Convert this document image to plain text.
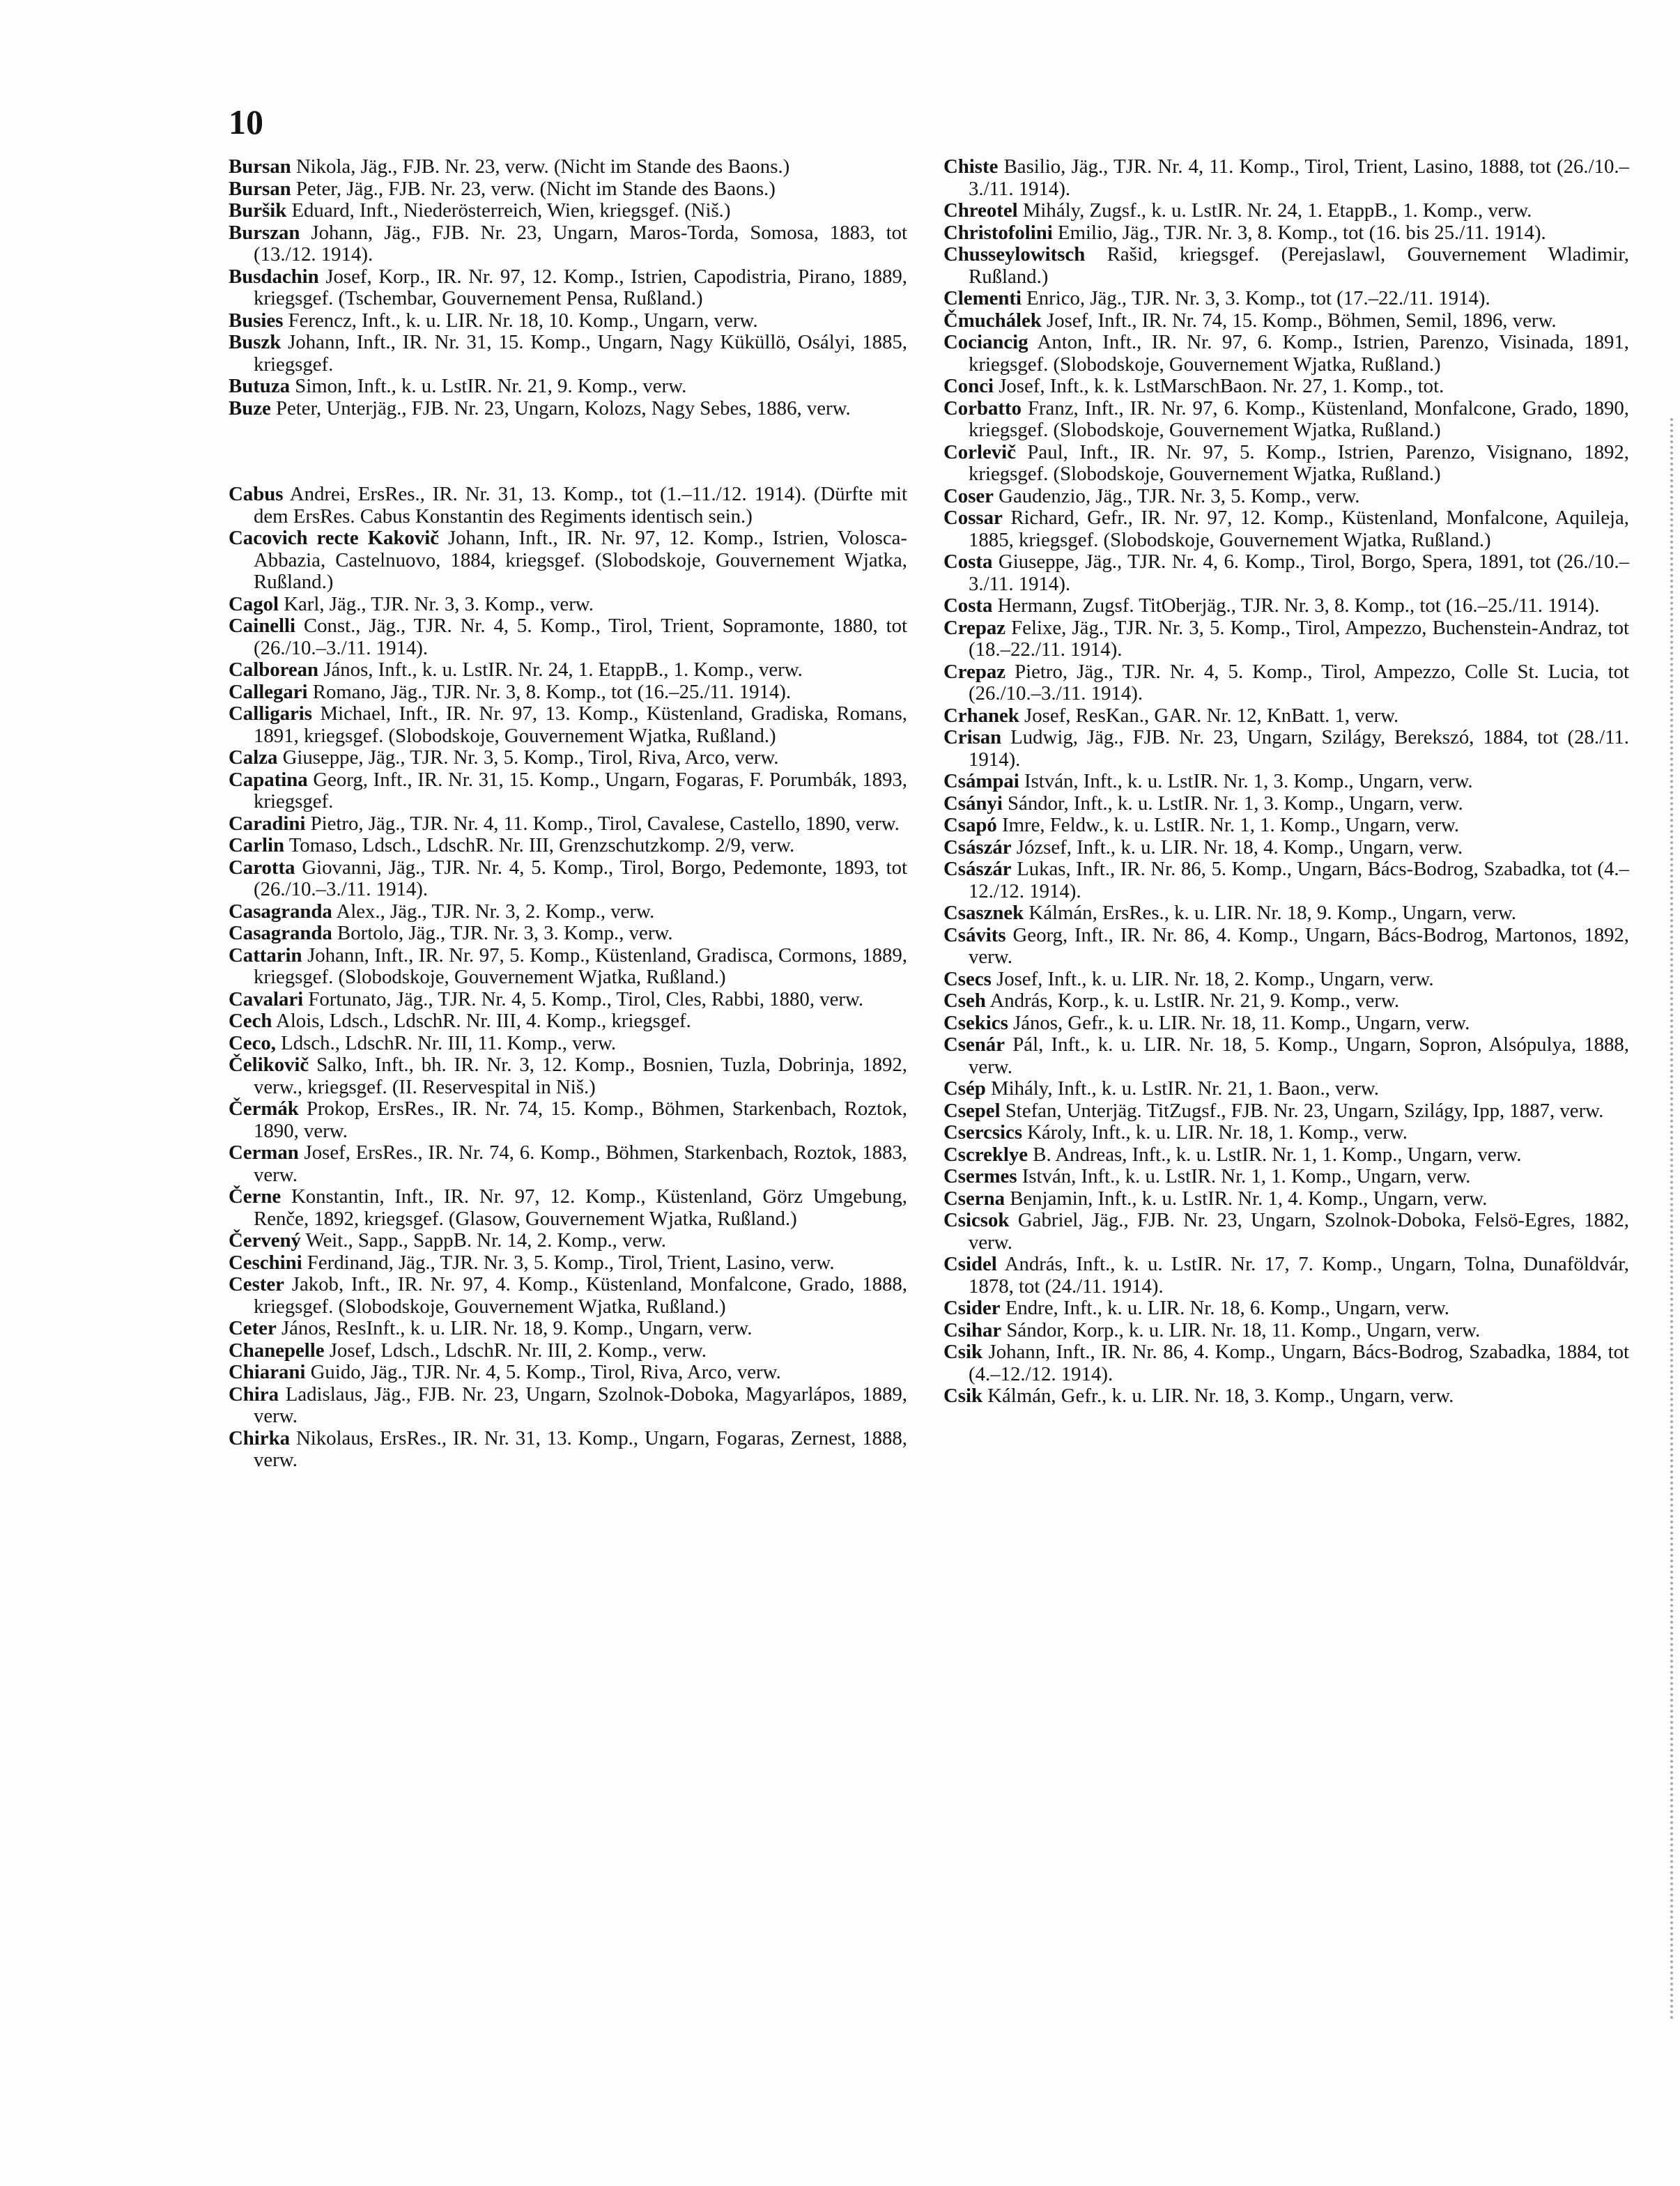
10

Bursan Nikola, Jäg., FJB. Nr. 23, verw. (Nicht im Stande des Baons.)

Bursan Peter, Jäg., FJB. Nr. 23, verw. (Nicht im Stande des Baons.)

Buršik Eduard, Inft., Niederösterreich, Wien, kriegsgef. (Niš.)

Burszan Johann, Jäg., FJB. Nr. 23, Ungarn, Maros-Torda, Somosa, 1883, tot (13./12. 1914).

Busdachin Josef, Korp., IR. Nr. 97, 12. Komp., Istrien, Capodistria, Pirano, 1889, kriegsgef. (Tschembar, Gouvernement Pensa, Rußland.)

Busies Ferencz, Inft., k. u. LIR. Nr. 18, 10. Komp., Ungarn, verw.

Buszk Johann, Inft., IR. Nr. 31, 15. Komp., Ungarn, Nagy Küküllö, Osályi, 1885, kriegsgef.

Butuza Simon, Inft., k. u. LstIR. Nr. 21, 9. Komp., verw.

Buze Peter, Unterjäg., FJB. Nr. 23, Ungarn, Kolozs, Nagy Sebes, 1886, verw.

Cabus Andrei, ErsRes., IR. Nr. 31, 13. Komp., tot (1.–11./12. 1914). (Dürfte mit dem ErsRes. Cabus Konstantin des Regiments identisch sein.)

Cacovich recte Kakovič Johann, Inft., IR. Nr. 97, 12. Komp., Istrien, Volosca-Abbazia, Castelnuovo, 1884, kriegsgef. (Slobodskoje, Gouvernement Wjatka, Rußland.)

Cagol Karl, Jäg., TJR. Nr. 3, 3. Komp., verw.

Cainelli Const., Jäg., TJR. Nr. 4, 5. Komp., Tirol, Trient, Sopramonte, 1880, tot (26./10.–3./11. 1914).

Calborean János, Inft., k. u. LstIR. Nr. 24, 1. EtappB., 1. Komp., verw.

Callegari Romano, Jäg., TJR. Nr. 3, 8. Komp., tot (16.–25./11. 1914).

Calligaris Michael, Inft., IR. Nr. 97, 13. Komp., Küstenland, Gradiska, Romans, 1891, kriegsgef. (Slobodskoje, Gouvernement Wjatka, Rußland.)

Calza Giuseppe, Jäg., TJR. Nr. 3, 5. Komp., Tirol, Riva, Arco, verw.

Capatina Georg, Inft., IR. Nr. 31, 15. Komp., Ungarn, Fogaras, F. Porumbák, 1893, kriegsgef.

Caradini Pietro, Jäg., TJR. Nr. 4, 11. Komp., Tirol, Cavalese, Castello, 1890, verw.

Carlin Tomaso, Ldsch., LdschR. Nr. III, Grenzschutzkomp. 2/9, verw.

Carotta Giovanni, Jäg., TJR. Nr. 4, 5. Komp., Tirol, Borgo, Pedemonte, 1893, tot (26./10.–3./11. 1914).

Casagranda Alex., Jäg., TJR. Nr. 3, 2. Komp., verw.

Casagranda Bortolo, Jäg., TJR. Nr. 3, 3. Komp., verw.

Cattarin Johann, Inft., IR. Nr. 97, 5. Komp., Küstenland, Gradisca, Cormons, 1889, kriegsgef. (Slobodskoje, Gouvernement Wjatka, Rußland.)

Cavalari Fortunato, Jäg., TJR. Nr. 4, 5. Komp., Tirol, Cles, Rabbi, 1880, verw.

Cech Alois, Ldsch., LdschR. Nr. III, 4. Komp., kriegsgef.

Ceco, Ldsch., LdschR. Nr. III, 11. Komp., verw.

Čelikovič Salko, Inft., bh. IR. Nr. 3, 12. Komp., Bosnien, Tuzla, Dobrinja, 1892, verw., kriegsgef. (II. Reservespital in Niš.)

Čermák Prokop, ErsRes., IR. Nr. 74, 15. Komp., Böhmen, Starkenbach, Roztok, 1890, verw.

Cerman Josef, ErsRes., IR. Nr. 74, 6. Komp., Böhmen, Starkenbach, Roztok, 1883, verw.

Černe Konstantin, Inft., IR. Nr. 97, 12. Komp., Küstenland, Görz Umgebung, Renče, 1892, kriegsgef. (Glasow, Gouvernement Wjatka, Rußland.)

Červený Weit., Sapp., SappB. Nr. 14, 2. Komp., verw.

Ceschini Ferdinand, Jäg., TJR. Nr. 3, 5. Komp., Tirol, Trient, Lasino, verw.

Cester Jakob, Inft., IR. Nr. 97, 4. Komp., Küstenland, Monfalcone, Grado, 1888, kriegsgef. (Slobodskoje, Gouvernement Wjatka, Rußland.)

Ceter János, ResInft., k. u. LIR. Nr. 18, 9. Komp., Ungarn, verw.

Chanepelle Josef, Ldsch., LdschR. Nr. III, 2. Komp., verw.

Chiarani Guido, Jäg., TJR. Nr. 4, 5. Komp., Tirol, Riva, Arco, verw.

Chira Ladislaus, Jäg., FJB. Nr. 23, Ungarn, Szolnok-Doboka, Magyarlápos, 1889, verw.

Chirka Nikolaus, ErsRes., IR. Nr. 31, 13. Komp., Ungarn, Fogaras, Zernest, 1888, verw.

Chiste Basilio, Jäg., TJR. Nr. 4, 11. Komp., Tirol, Trient, Lasino, 1888, tot (26./10.–3./11. 1914).

Chreotel Mihály, Zugsf., k. u. LstIR. Nr. 24, 1. EtappB., 1. Komp., verw.

Christofolini Emilio, Jäg., TJR. Nr. 3, 8. Komp., tot (16. bis 25./11. 1914).

Chusseylowitsch Rašid, kriegsgef. (Perejaslawl, Gouvernement Wladimir, Rußland.)

Clementi Enrico, Jäg., TJR. Nr. 3, 3. Komp., tot (17.–22./11. 1914).

Čmuchálek Josef, Inft., IR. Nr. 74, 15. Komp., Böhmen, Semil, 1896, verw.

Cociancig Anton, Inft., IR. Nr. 97, 6. Komp., Istrien, Parenzo, Visinada, 1891, kriegsgef. (Slobodskoje, Gouvernement Wjatka, Rußland.)

Conci Josef, Inft., k. k. LstMarschBaon. Nr. 27, 1. Komp., tot.

Corbatto Franz, Inft., IR. Nr. 97, 6. Komp., Küstenland, Monfalcone, Grado, 1890, kriegsgef. (Slobodskoje, Gouvernement Wjatka, Rußland.)

Corlevič Paul, Inft., IR. Nr. 97, 5. Komp., Istrien, Parenzo, Visignano, 1892, kriegsgef. (Slobodskoje, Gouvernement Wjatka, Rußland.)

Coser Gaudenzio, Jäg., TJR. Nr. 3, 5. Komp., verw.

Cossar Richard, Gefr., IR. Nr. 97, 12. Komp., Küstenland, Monfalcone, Aquileja, 1885, kriegsgef. (Slobodskoje, Gouvernement Wjatka, Rußland.)

Costa Giuseppe, Jäg., TJR. Nr. 4, 6. Komp., Tirol, Borgo, Spera, 1891, tot (26./10.–3./11. 1914).

Costa Hermann, Zugsf. TitOberjäg., TJR. Nr. 3, 8. Komp., tot (16.–25./11. 1914).

Crepaz Felixe, Jäg., TJR. Nr. 3, 5. Komp., Tirol, Ampezzo, Buchenstein-Andraz, tot (18.–22./11. 1914).

Crepaz Pietro, Jäg., TJR. Nr. 4, 5. Komp., Tirol, Ampezzo, Colle St. Lucia, tot (26./10.–3./11. 1914).

Crhanek Josef, ResKan., GAR. Nr. 12, KnBatt. 1, verw.

Crisan Ludwig, Jäg., FJB. Nr. 23, Ungarn, Szilágy, Berekszó, 1884, tot (28./11. 1914).

Csámpai István, Inft., k. u. LstIR. Nr. 1, 3. Komp., Ungarn, verw.

Csányi Sándor, Inft., k. u. LstIR. Nr. 1, 3. Komp., Ungarn, verw.

Csapó Imre, Feldw., k. u. LstIR. Nr. 1, 1. Komp., Ungarn, verw.

Császár József, Inft., k. u. LIR. Nr. 18, 4. Komp., Ungarn, verw.

Császár Lukas, Inft., IR. Nr. 86, 5. Komp., Ungarn, Bács-Bodrog, Szabadka, tot (4.–12./12. 1914).

Csasznek Kálmán, ErsRes., k. u. LIR. Nr. 18, 9. Komp., Ungarn, verw.

Csávits Georg, Inft., IR. Nr. 86, 4. Komp., Ungarn, Bács-Bodrog, Martonos, 1892, verw.

Csecs Josef, Inft., k. u. LIR. Nr. 18, 2. Komp., Ungarn, verw.

Cseh András, Korp., k. u. LstIR. Nr. 21, 9. Komp., verw.

Csekics János, Gefr., k. u. LIR. Nr. 18, 11. Komp., Ungarn, verw.

Csenár Pál, Inft., k. u. LIR. Nr. 18, 5. Komp., Ungarn, Sopron, Alsópulya, 1888, verw.

Csép Mihály, Inft., k. u. LstIR. Nr. 21, 1. Baon., verw.

Csepel Stefan, Unterjäg. TitZugsf., FJB. Nr. 23, Ungarn, Szilágy, Ipp, 1887, verw.

Csercsics Károly, Inft., k. u. LIR. Nr. 18, 1. Komp., verw.

Cscreklye B. Andreas, Inft., k. u. LstIR. Nr. 1, 1. Komp., Ungarn, verw.

Csermes István, Inft., k. u. LstIR. Nr. 1, 1. Komp., Ungarn, verw.

Cserna Benjamin, Inft., k. u. LstIR. Nr. 1, 4. Komp., Ungarn, verw.

Csicsok Gabriel, Jäg., FJB. Nr. 23, Ungarn, Szolnok-Doboka, Felsö-Egres, 1882, verw.

Csidel András, Inft., k. u. LstIR. Nr. 17, 7. Komp., Ungarn, Tolna, Dunaföldvár, 1878, tot (24./11. 1914).

Csider Endre, Inft., k. u. LIR. Nr. 18, 6. Komp., Ungarn, verw.

Csihar Sándor, Korp., k. u. LIR. Nr. 18, 11. Komp., Ungarn, verw.

Csik Johann, Inft., IR. Nr. 86, 4. Komp., Ungarn, Bács-Bodrog, Szabadka, 1884, tot (4.–12./12. 1914).

Csik Kálmán, Gefr., k. u. LIR. Nr. 18, 3. Komp., Ungarn, verw.
